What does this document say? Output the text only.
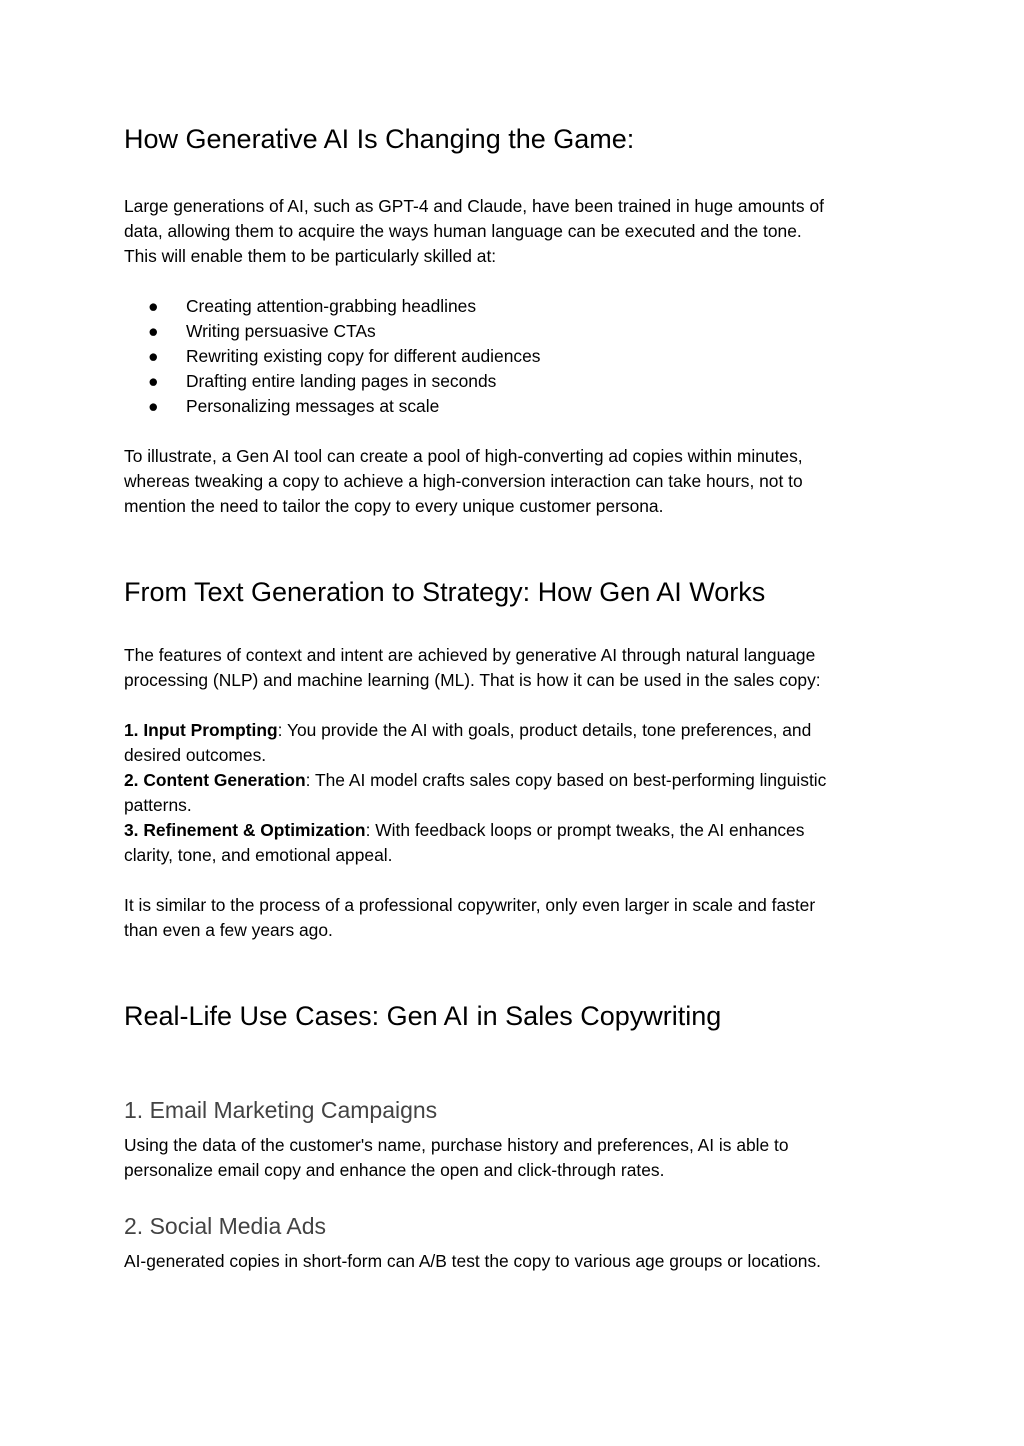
How Generative AI Is Changing the Game:
Large generations of AI, such as GPT-4 and Claude, have been trained in huge amounts of
data, allowing them to acquire the ways human language can be executed and the tone.
This will enable them to be particularly skilled at:
● Creating attention-grabbing headlines
● Writing persuasive CTAs
● Rewriting existing copy for different audiences
● Drafting entire landing pages in seconds
● Personalizing messages at scale
To illustrate, a Gen AI tool can create a pool of high-converting ad copies within minutes,
whereas tweaking a copy to achieve a high-conversion interaction can take hours, not to
mention the need to tailor the copy to every unique customer persona.
From Text Generation to Strategy: How Gen AI Works
The features of context and intent are achieved by generative AI through natural language
processing (NLP) and machine learning (ML). That is how it can be used in the sales copy:
1. Input Prompting: You provide the AI with goals, product details, tone preferences, and
desired outcomes.
2. Content Generation: The AI model crafts sales copy based on best-performing linguistic
patterns.
3. Refinement & Optimization: With feedback loops or prompt tweaks, the AI enhances
clarity, tone, and emotional appeal.
It is similar to the process of a professional copywriter, only even larger in scale and faster
than even a few years ago.
Real-Life Use Cases: Gen AI in Sales Copywriting
1. Email Marketing Campaigns
Using the data of the customer's name, purchase history and preferences, AI is able to
personalize email copy and enhance the open and click-through rates.
2. Social Media Ads
AI-generated copies in short-form can A/B test the copy to various age groups or locations.
